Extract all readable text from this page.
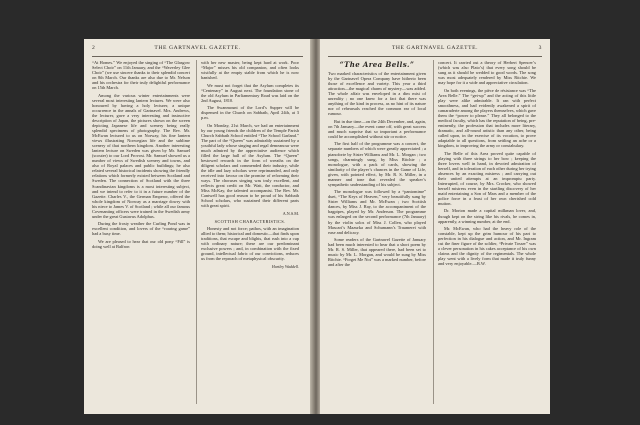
2	THE GARTNAVEL GAZETTE.

“At Homes.” We enjoyed the singing of “The Glasgow Select Choir” on 11th January, and the “Waverley Glee Choir” (we use sincere thanks to their splendid concert on 8th March. Our thanks are also due to Mr. Nelson and his orchestra for their truly delightful performance on 15th March.

Among the various winter entertainments were several most interesting lantern lectures. We were also honoured by having a holy lecturer, a unique occurrence in the annals of Gartnavel. Mrs. Andrews, the lecturer, gave a very interesting and instructive description of Japan, the pictures shown on the screen depicting Japanese life and scenery being really splendid specimens of photography. The Rev. Mr. McEwan lectured to us on Norway, his fine lantern views illustrating Norwegian life and the sublime scenery of that northern kingdom. Another interesting lantern lecture on Sweden was given by Mr. Samuel (scouter) to our Lord Provost. Mr. Samuel showed us a number of views of Swedish scenery and towns, and also of Royal palaces and public buildings; he also related several historical incidents showing the friendly relations which formerly existed between Scotland and Sweden. The connection of Scotland with the three Scandinavian kingdoms is a most interesting subject, and we intend to refer to it in a future number of the Gazette. Charles V., the German Emperor, offered the whole kingdom of Norway as a marriage dowry with his niece to James V. of Scotland ; while all our famous Covenanting officers were trained in the Swedish army under the great Gustavus Adolphus.

During the frosty weather the Curling Pond was in excellent condition, and lovers of the “roaring game” had a busy time.

We are pleased to hear that our old pony “Fill” is doing well at Balfron

with her new master, being kept hard at work. Poor “Major” misses his old companion, and often looks wistfully at the empty stable from which he is now banished.

We must not forget that the Asylum completes its “Centenary” in August next. The foundation stone of the old Asylum in Parliamentary Road was laid on the 2nd August, 1810.

The Swanmount of the Lord’s Supper will be dispensed in the Church on Sabbath, April 24th, at 3 p.m.

On Monday, 21st March, we had an entertainment by our young friends the children of the Temple Parish Church Sabbath School entitled “The School Garland.” The part of the “Queen” was admirably sustained by a youthful lady whose singing and regal demeanour were much admired by the appreciative audience which filled the large hall of the Asylum. The “Queen” bestowed rewards in the form of wreaths on the diligent scholars and commended their industry, while the idle and lazy scholars were reprimanded, and only received into favour on the promise of reforming their ways. The choruses singing was truly excellent, and reflects great credit on Mr. Watt, the conductor, and Miss McKay, the talented accompanist. The Rev. Mr. Cantwell has good reason to be proud of his Sabbath School scholars, who sustained their different parts with great spirit.

A.N.S.M.
SCOTTISH CHARACTERISTICS.

Honesty and not force; pathos, with an imagination allied to them; historical and domestic—that finds upon traditions, that escape and blights, that rush into a cup with ordinary nature; these are our predominant exclusive powers ; and, in combination with the fixed ground, intellectual fabric of our convictions, reduces us from the reproach of metaphysical obscurity.

Hartley Waddell.
THE GARTNAVEL GAZETTE.	3
“The Area Bells.”

Two marked characteristics of the entertainment given by the Gartnavel Opera Company have hitherto been those of excellence and variety. This year a third attraction—the magical charm of mystery—was added. The whole affair was enveloped in a dim mist of unreality ; no one knew for a fact that there was anything of the kind in process, as no hint of its nature nor of rehearsals reached the common ear of local rumour.

But in due time—on the 24th December, and, again, on 7th January—the event came off, with great success and much surprise that so important a performance could be accomplished without stir or notice.

The first half of the programme was a concert, the separate numbers of which were greatly appreciated ; a pianoforte by Sister Williams and Mr. L. Morgan ; two songs, charmingly sung, by Miss Ritchie ; a monologue, with a pack of cards, showing the similarity of the player’s chances in the Game of Life, given, with pointed effect, by Mr. R. S. Miller, in a manner and tone that revealed the speaker’s sympathetic understanding of his subject.

The monologue was followed by a “pantomime” duet, “The Keys of Heaven,” very beautifully sung by Sister Williams and Mr. McEwan ; two Scottish dances, by Miss J. Ray, to the accompaniment of the bagpipes, played by Mr. Anderson. The programme was enlarged on the second performance (7th January) by the violin solos of Miss J. Collen, who played Mascari’s Mazurka and Schumann’s Traumerei with ease and delicacy.

Some readers of the Gartnavel Gazette of January had been much interested to hear that a short poem by Mr. R. S. Miller, that appeared there, had been set to music by Mr. L. Morgan, and would be sung by Miss Ritchie. “Forget Me Not” was a marked number, before and after the

concert. It carried out a theory of Herbert Spencer’s (which was also Plato’s) that every song should be sung as it should be wedded to good words. The song was most adequately rendered by Miss Ritchie. We may hope for it a wide and appreciative circulation.

On both evenings, the pièce de résistance was “The Area Belle.” The “get-up” and the acting of this little play were alike admirable. It ran with perfect smoothness, and had evidently awakened a spirit of camaraderie among the players themselves, which gave them the “power to please.” They all belonged to the medical faculty, which has the reputation of being, pre-eminently, the profession that includes more literary, dramatic, and all-round artistic than any other, being called upon, in the exercise of its vocation, to prove adaptable to all questions, from settling an ache or a kingdom, to improving the army or constabulary.

The Belle of this Area proved quite capable of playing with three strings to her bow ; keeping the three lovers well in hand, in devoted admiration of herself, and in toleration of each other during her trying absences by an exacting mistress ; and carrying out their united attempts at an impromptu party. Interrupted, of course, by Mrs. Crocker, who showed herself mistress even in the startling discovery of her maid entertaining a Son of Mars and a member of the police force in a feast of her own cherished cold mutton.

Dr. Morton made a capital milkman lover, and, though kept on the string like his rivals, he comes in, apparently, a winning number, at the end.

Mr. McEwan, who had the heavy role of the constable, kept up the grim humour of his part to perfection in his dialogue and action, and Mr. Ingram cut the finer figure of the soldier, “Private Tosser” was a clever personation in his cakes acceptance of his own claims and the dignity of the regimentals. The whole play went with a lively form that made it truly funny and very enjoyable.—B.W.
